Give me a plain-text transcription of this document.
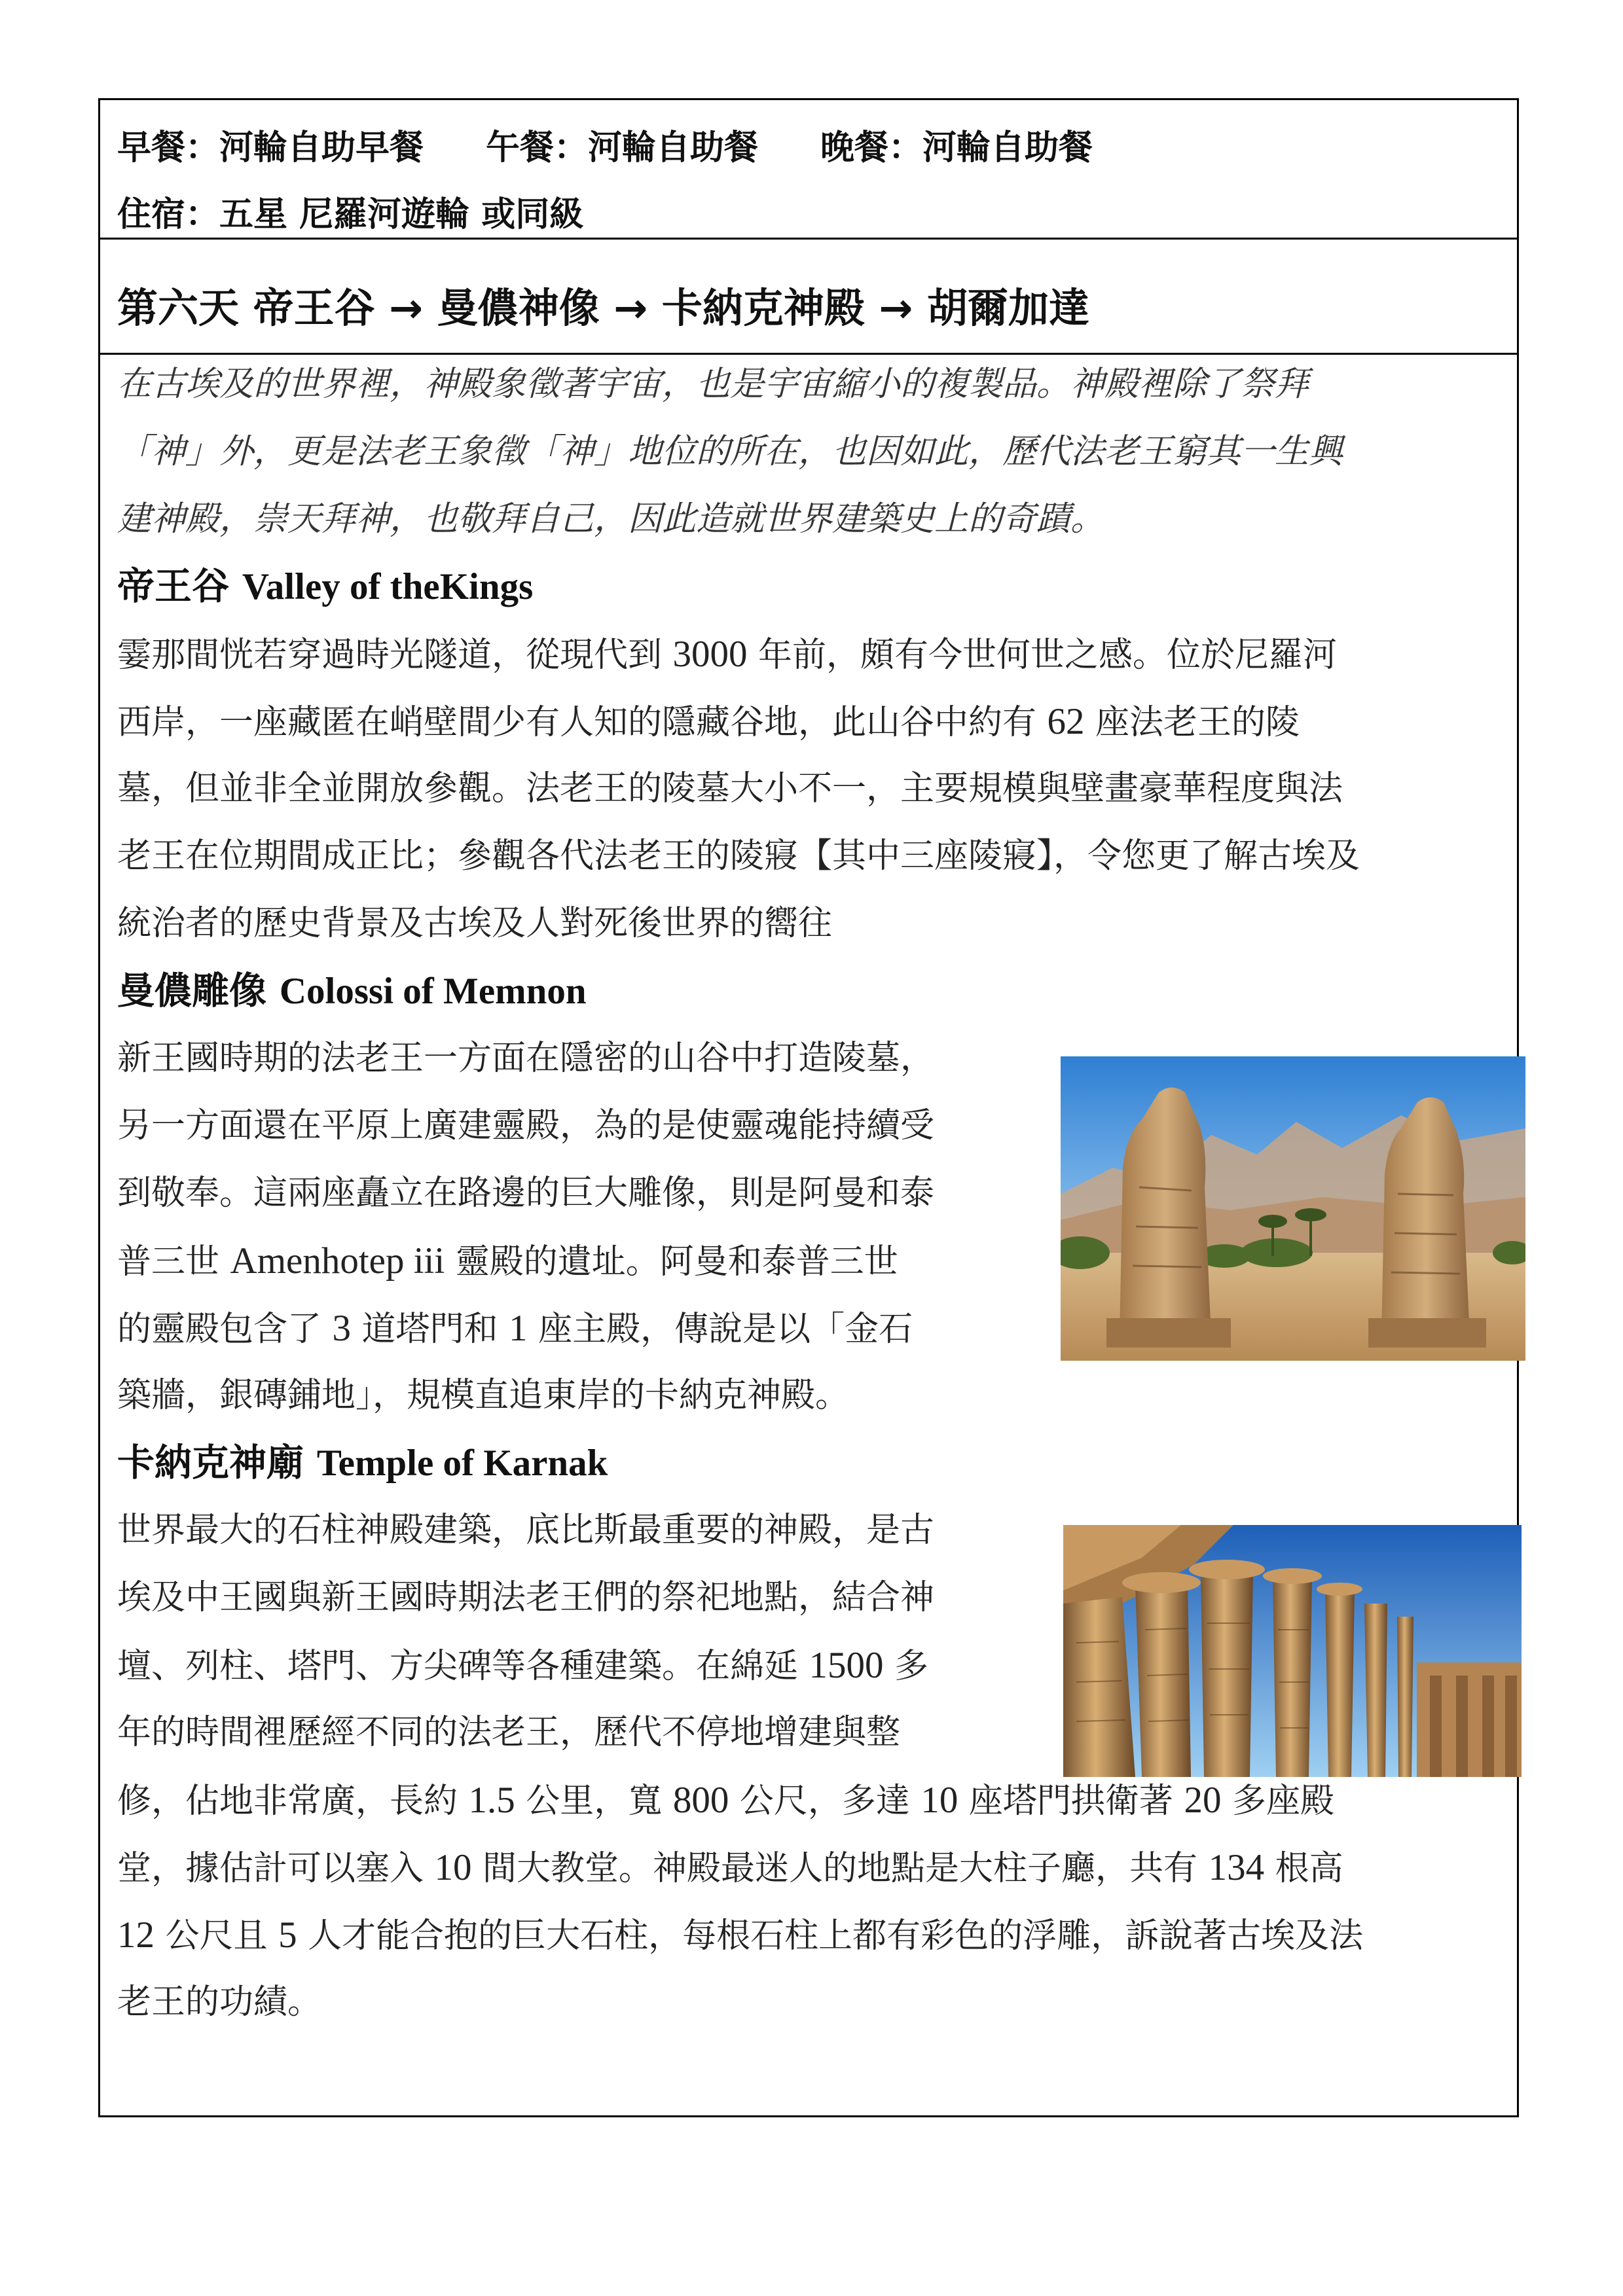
早餐：河輪自助早餐 午餐：河輪自助餐 晚餐：河輪自助餐
住宿：五星 尼羅河遊輪 或同級
第六天 帝王谷 → 曼儂神像 → 卡納克神殿 → 胡爾加達
在古埃及的世界裡，神殿象徵著宇宙，也是宇宙縮小的複製品。神殿裡除了祭拜
「神」外，更是法老王象徵「神」地位的所在，也因如此，歷代法老王窮其一生興
建神殿，崇天拜神，也敬拜自己，因此造就世界建築史上的奇蹟。
帝王谷 Valley of theKings
霎那間恍若穿過時光隧道，從現代到 3000 年前，頗有今世何世之感。位於尼羅河
西岸，一座藏匿在峭壁間少有人知的隱藏谷地，此山谷中約有 62 座法老王的陵
墓，但並非全並開放參觀。法老王的陵墓大小不一，主要規模與壁畫豪華程度與法
老王在位期間成正比；參觀各代法老王的陵寢【其中三座陵寢】，令您更了解古埃及
統治者的歷史背景及古埃及人對死後世界的嚮往
曼儂雕像 Colossi of Memnon
新王國時期的法老王一方面在隱密的山谷中打造陵墓，
另一方面還在平原上廣建靈殿，為的是使靈魂能持續受
到敬奉。這兩座矗立在路邊的巨大雕像，則是阿曼和泰
普三世 Amenhotep iii 靈殿的遺址。阿曼和泰普三世
的靈殿包含了 3 道塔門和 1 座主殿，傳說是以「金石
築牆，銀磚鋪地」，規模直追東岸的卡納克神殿。
卡納克神廟 Temple of Karnak
世界最大的石柱神殿建築，底比斯最重要的神殿，是古
埃及中王國與新王國時期法老王們的祭祀地點，結合神
壇、列柱、塔門、方尖碑等各種建築。在綿延 1500 多
年的時間裡歷經不同的法老王，歷代不停地增建與整
修，佔地非常廣，長約 1.5 公里，寬 800 公尺，多達 10 座塔門拱衛著 20 多座殿
堂，據估計可以塞入 10 間大教堂。神殿最迷人的地點是大柱子廳，共有 134 根高
12 公尺且 5 人才能合抱的巨大石柱，每根石柱上都有彩色的浮雕，訴說著古埃及法
老王的功績。
